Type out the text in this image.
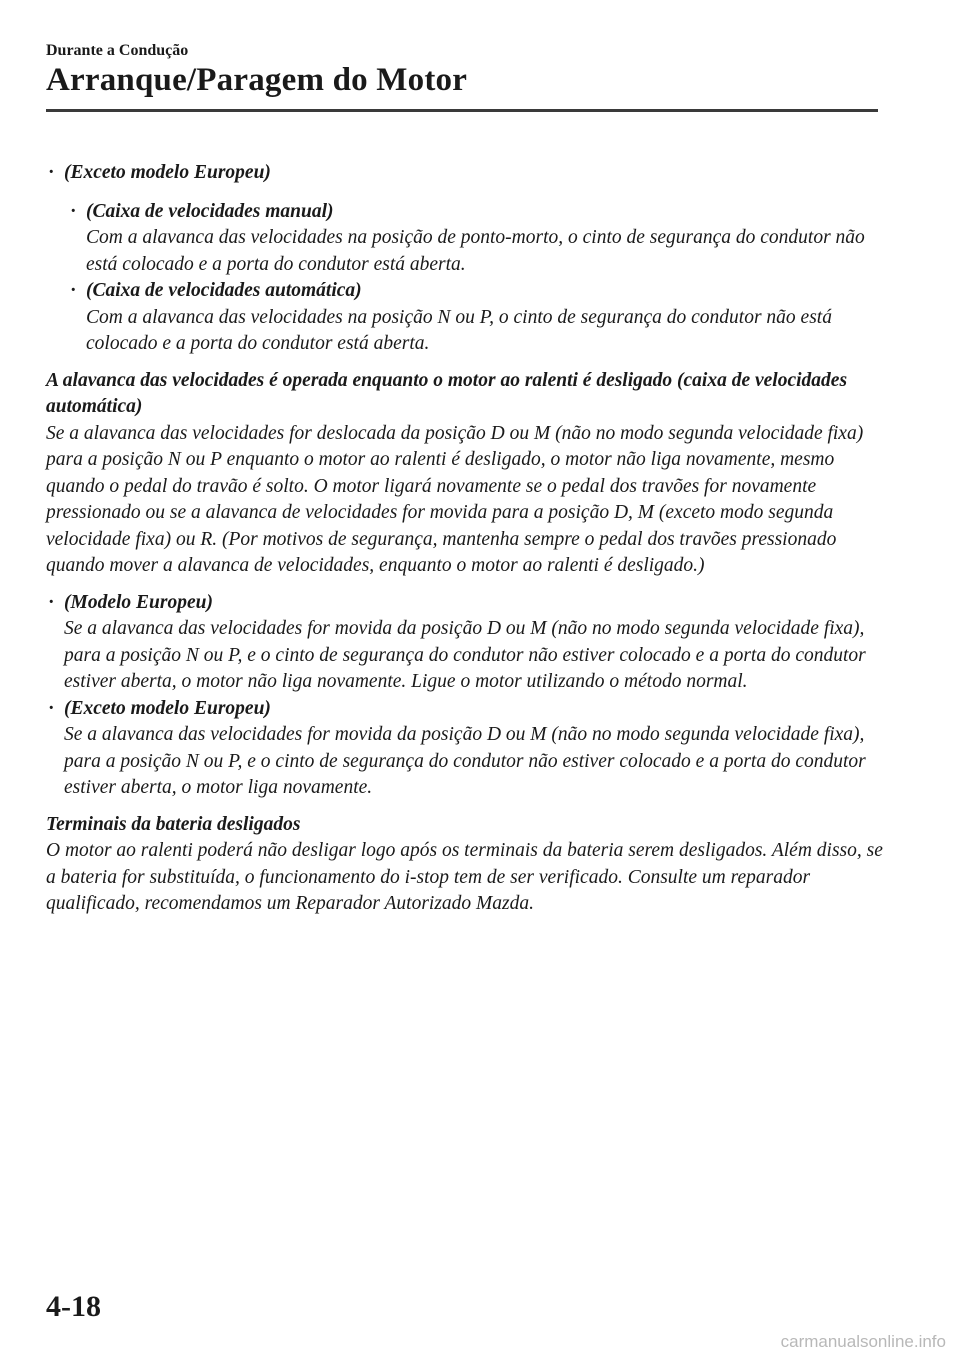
Durante a Condução
Arranque/Paragem do Motor
· (Exceto modelo Europeu)
· (Caixa de velocidades manual)
Com a alavanca das velocidades na posição de ponto-morto, o cinto de segurança do condutor não está colocado e a porta do condutor está aberta.
· (Caixa de velocidades automática)
Com a alavanca das velocidades na posição N ou P, o cinto de segurança do condutor não está colocado e a porta do condutor está aberta.
A alavanca das velocidades é operada enquanto o motor ao ralenti é desligado (caixa de velocidades automática)
Se a alavanca das velocidades for deslocada da posição D ou M (não no modo segunda velocidade fixa) para a posição N ou P enquanto o motor ao ralenti é desligado, o motor não liga novamente, mesmo quando o pedal do travão é solto. O motor ligará novamente se o pedal dos travões for novamente pressionado ou se a alavanca de velocidades for movida para a posição D, M (exceto modo segunda velocidade fixa) ou R. (Por motivos de segurança, mantenha sempre o pedal dos travões pressionado quando mover a alavanca de velocidades, enquanto o motor ao ralenti é desligado.)
· (Modelo Europeu)
Se a alavanca das velocidades for movida da posição D ou M (não no modo segunda velocidade fixa), para a posição N ou P, e o cinto de segurança do condutor não estiver colocado e a porta do condutor estiver aberta, o motor não liga novamente. Ligue o motor utilizando o método normal.
· (Exceto modelo Europeu)
Se a alavanca das velocidades for movida da posição D ou M (não no modo segunda velocidade fixa), para a posição N ou P, e o cinto de segurança do condutor não estiver colocado e a porta do condutor estiver aberta, o motor liga novamente.
Terminais da bateria desligados
O motor ao ralenti poderá não desligar logo após os terminais da bateria serem desligados. Além disso, se a bateria for substituída, o funcionamento do i-stop tem de ser verificado. Consulte um reparador qualificado, recomendamos um Reparador Autorizado Mazda.
4-18
carmanualsonline.info
